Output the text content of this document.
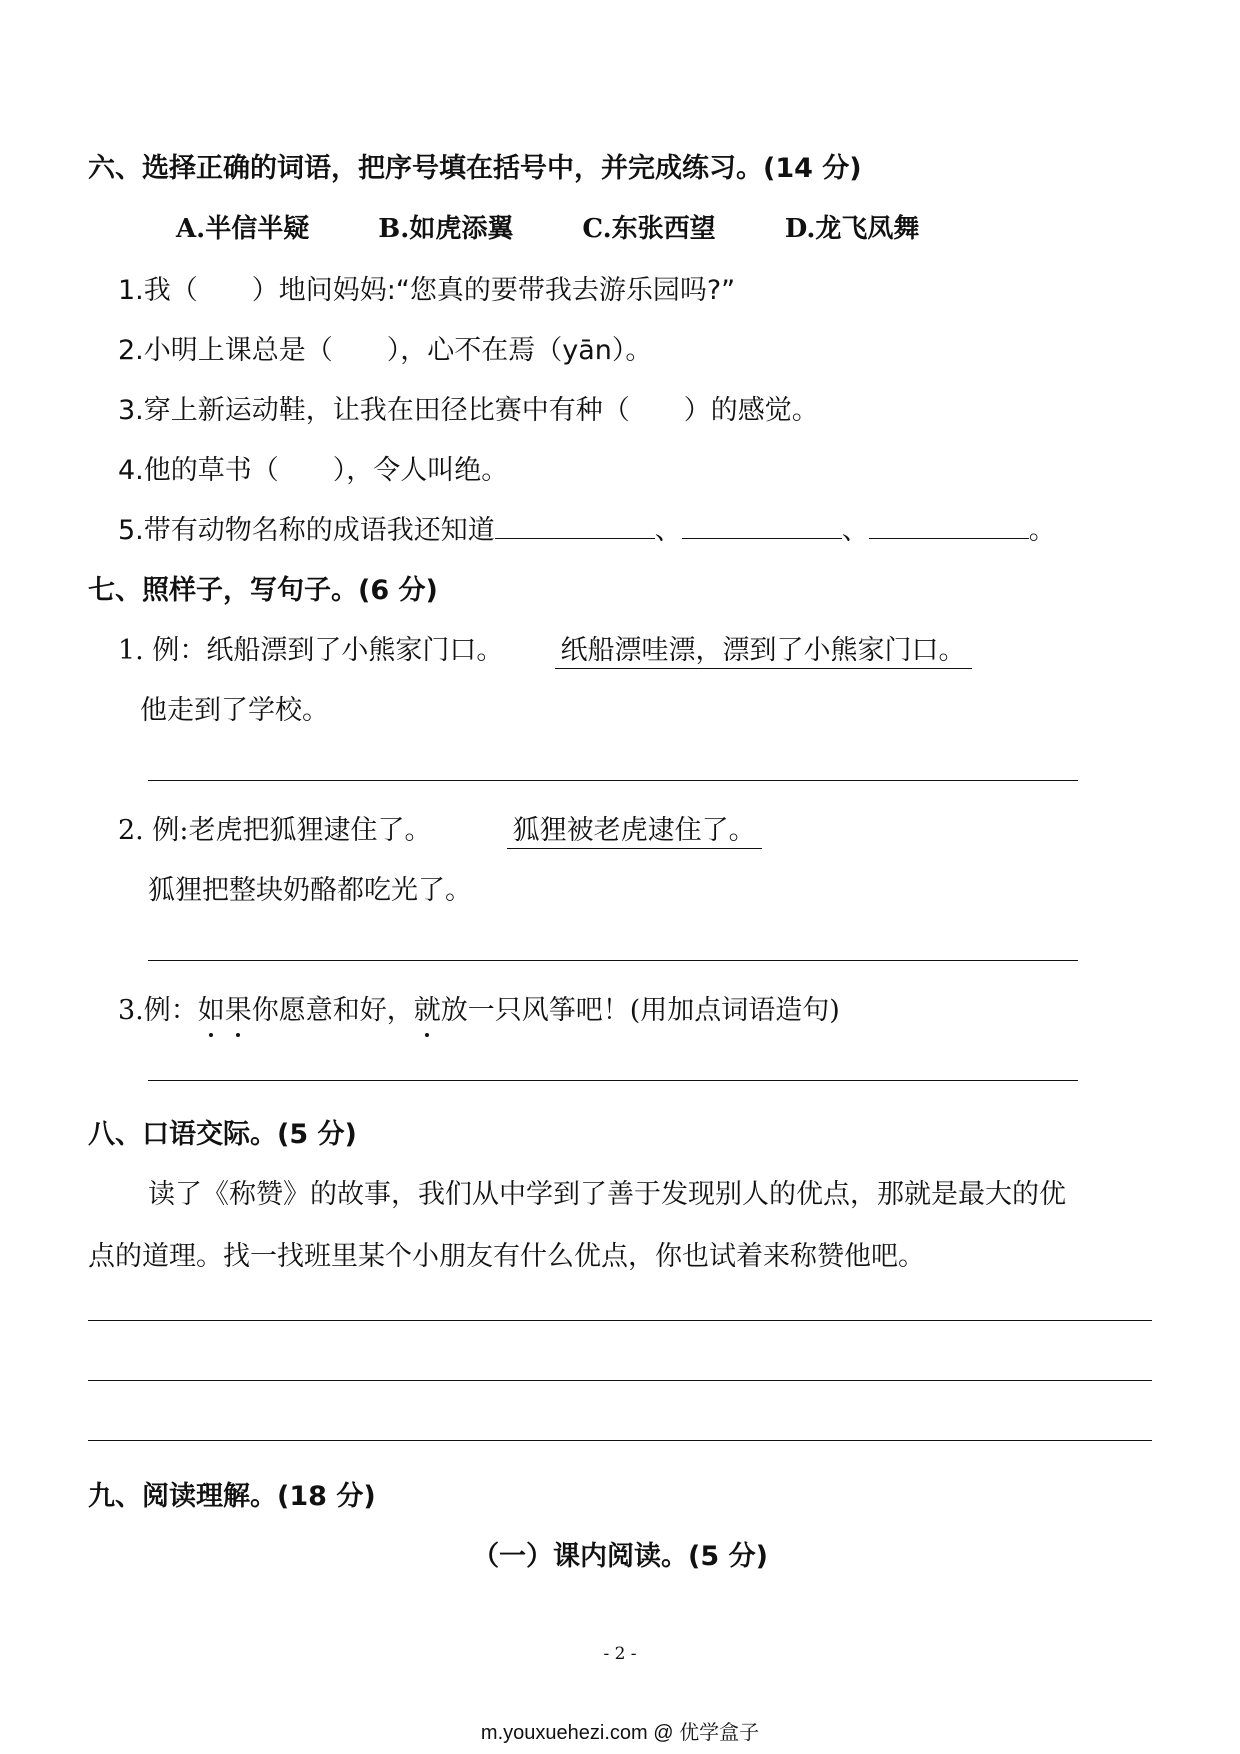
六、选择正确的词语，把序号填在括号中，并完成练习。(14 分)
A.半信半疑	B.如虎添翼	C.东张西望	D.龙飞凤舞
1.我（　　）地问妈妈:“您真的要带我去游乐园吗?”
2.小明上课总是（　　），心不在焉（yān）。
3.穿上新运动鞋，让我在田径比赛中有种（　　）的感觉。
4.他的草书（　　），令人叫绝。
5.带有动物名称的成语我还知道	、	、	。
七、照样子，写句子。(6 分)
1. 例：纸船漂到了小熊家门口。 纸船漂哇漂，漂到了小熊家门口。
他走到了学校。
2. 例:老虎把狐狸逮住了。	狐狸被老虎逮住了。
狐狸把整块奶酪都吃光了。
3.例：如果你愿意和好，就放一只风筝吧！(用加点词语造句)
八、口语交际。(5 分)
读了《称赞》的故事，我们从中学到了善于发现别人的优点，那就是最大的优
点的道理。找一找班里某个小朋友有什么优点，你也试着来称赞他吧。
九、阅读理解。(18 分)
（一）课内阅读。(5 分)
- 2 -
m.youxuehezi.com @ 优学盒子
